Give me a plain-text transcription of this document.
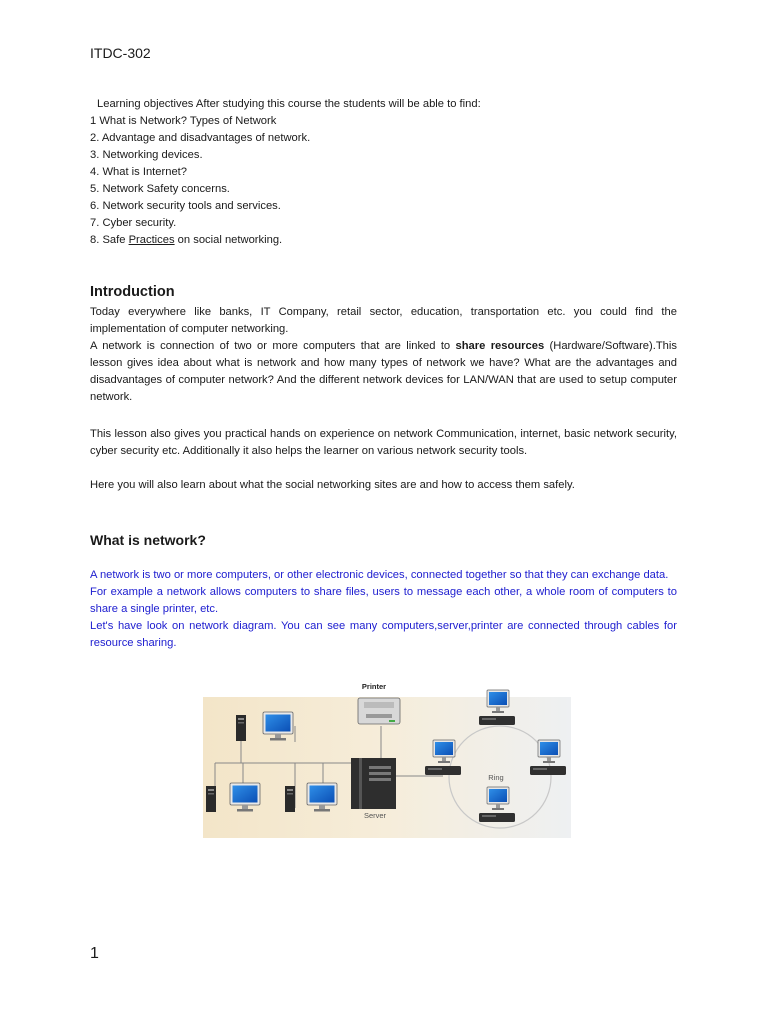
ITDC-302
Learning objectives After studying this course the students will be able to find:
1 What is Network? Types of Network
2. Advantage and disadvantages of network.
3. Networking devices.
4. What is Internet?
5. Network Safety concerns.
6. Network security tools and services.
7. Cyber security.
8. Safe Practices on social networking.
Introduction
Today everywhere like banks, IT Company, retail sector, education, transportation etc. you could find the implementation of computer networking.
A network is connection of two or more computers that are linked to share resources (Hardware/Software).This lesson gives idea about what is network and how many types of network we have? What are the advantages and disadvantages of computer network? And the different network devices for LAN/WAN that are used to setup computer network.
This lesson also gives you practical hands on experience on network Communication, internet, basic network security, cyber security etc. Additionally it also helps the learner on various network security tools.
Here you will also learn about what the social networking sites are and how to access them safely.
What is network?
A network is two or more computers, or other electronic devices, connected together so that they can exchange data.
For example a network allows computers to share files, users to message each other, a whole room of computers to share a single printer, etc.
Let's have look on network diagram. You can see many computers,server,printer are connected through cables for resource sharing.
Printer
Server
Ring
1
